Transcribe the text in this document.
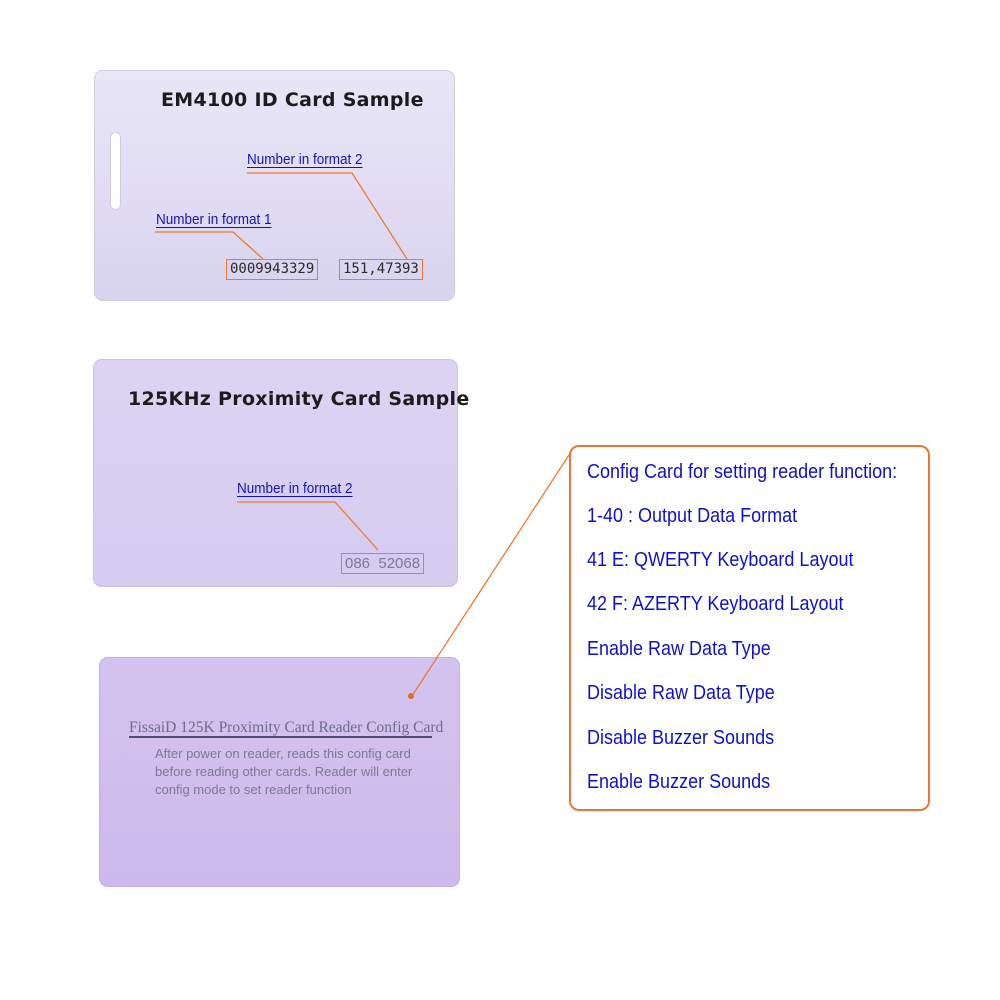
EM4100 ID Card Sample
Number in format 2
Number in format 1
0009943329 151,47393
125KHz Proximity Card Sample
Number in format 2
086  52068
FissaiD 125K Proximity Card Reader Config Card
After power on reader, reads this config card
before reading other cards. Reader will enter
config mode to set reader function
Config Card for setting reader function:
1-40 : Output Data Format
41 E: QWERTY Keyboard Layout
42 F: AZERTY Keyboard Layout
Enable Raw Data Type
Disable Raw Data Type
Disable Buzzer Sounds
Enable Buzzer Sounds
